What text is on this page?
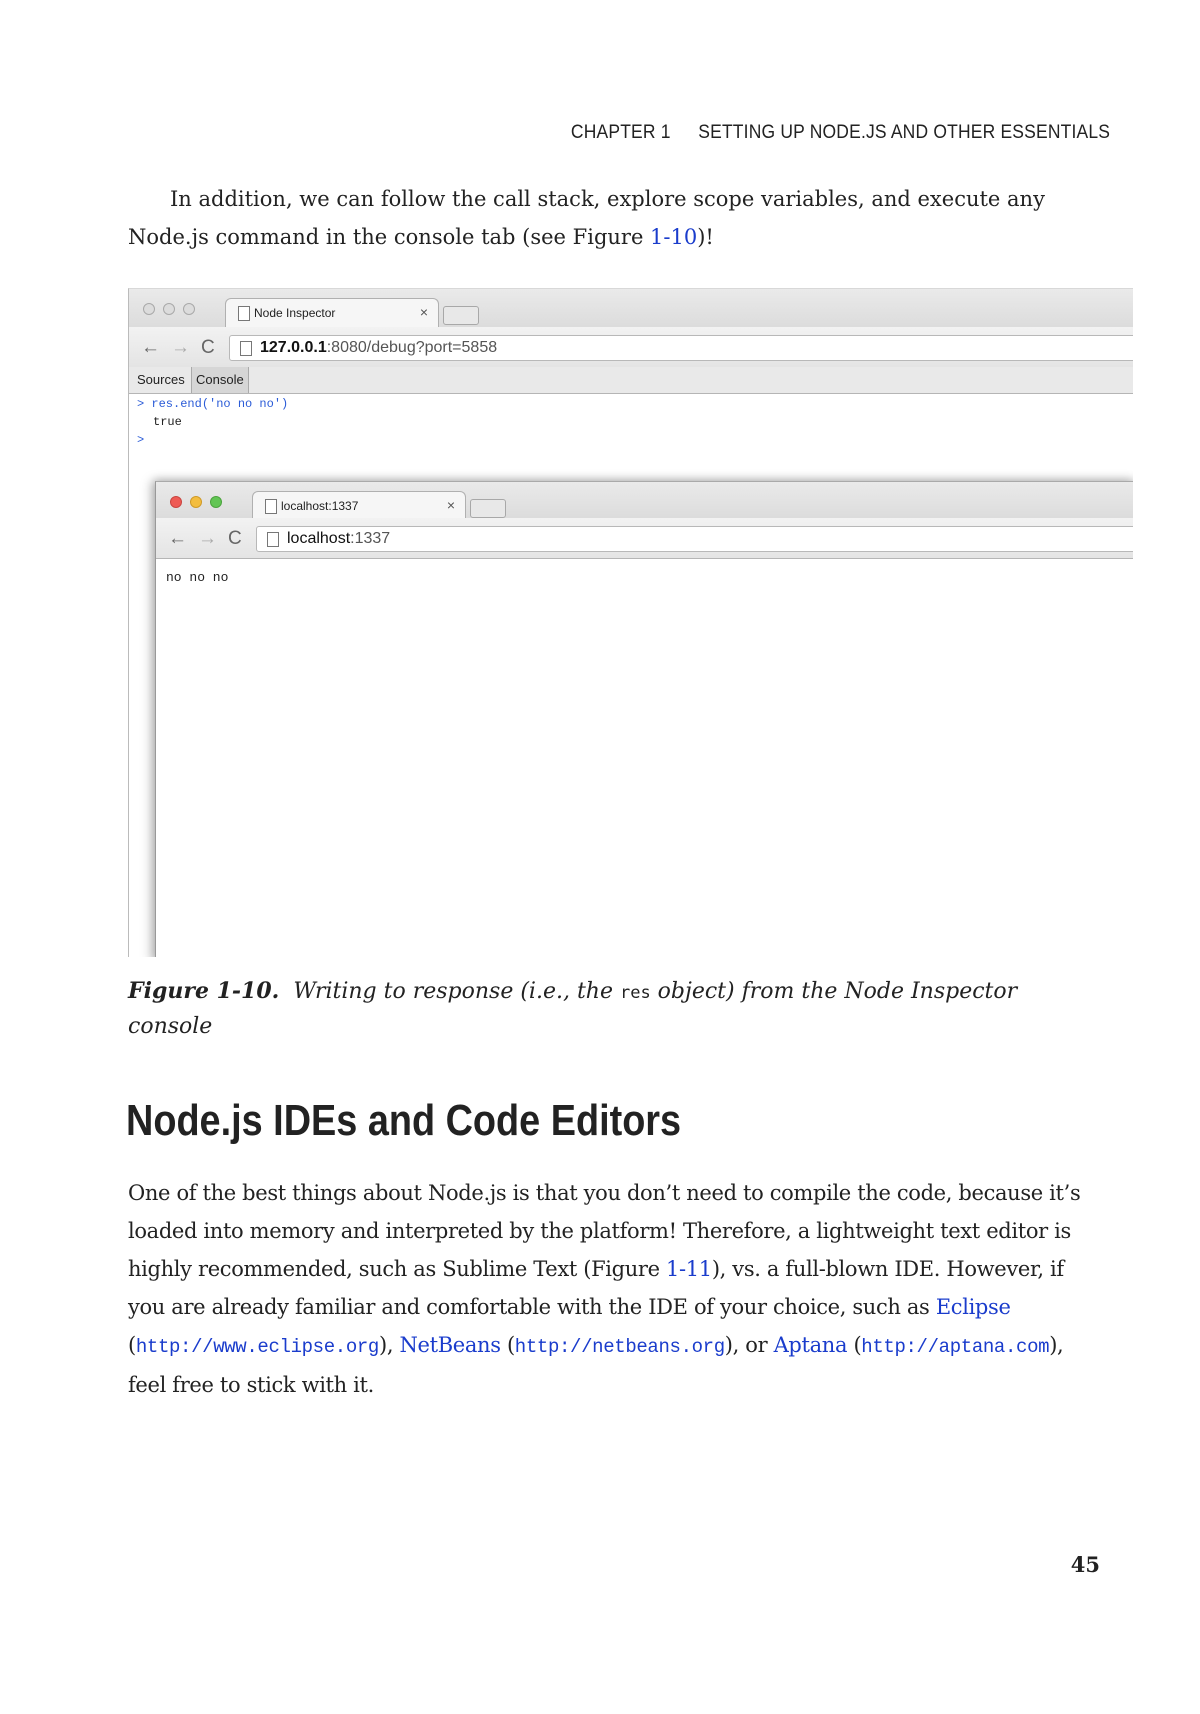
CHAPTER 1 SETTING UP NODE.JS AND OTHER ESSENTIALS
In addition, we can follow the call stack, explore scope variables, and execute any Node.js command in the console tab (see Figure 1-10)!
Node Inspector	×
← → C	127.0.0.1:8080/debug?port=5858
Sources Console
> res.end('no no no')
true
>
localhost:1337	×
← → C	localhost:1337
no no no
Figure 1-10. Writing to response (i.e., the res object) from the Node Inspector console
Node.js IDEs and Code Editors
One of the best things about Node.js is that you don’t need to compile the code, because it’s loaded into memory and interpreted by the platform! Therefore, a lightweight text editor is highly recommended, such as Sublime Text (Figure 1-11), vs. a full-blown IDE. However, if you are already familiar and comfortable with the IDE of your choice, such as Eclipse (http://www.eclipse.org), NetBeans (http://netbeans.org), or Aptana (http://aptana.com), feel free to stick with it.
45
